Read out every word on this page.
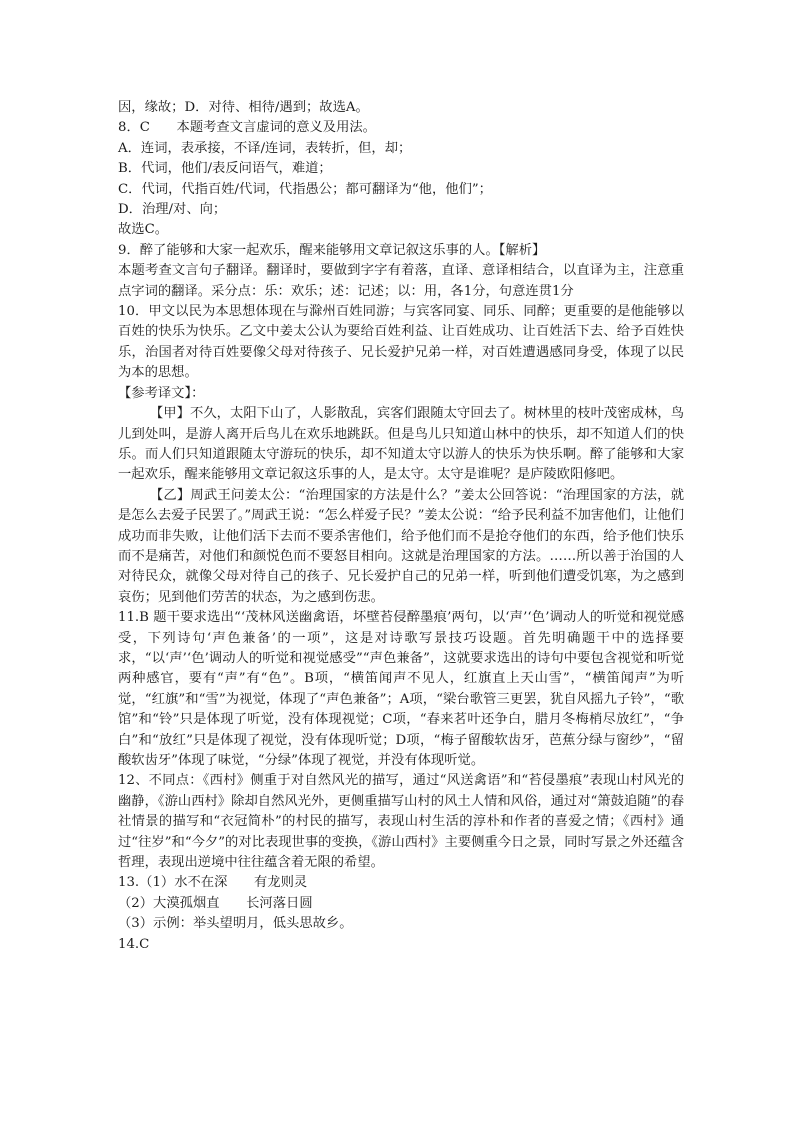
因，缘故；D．对待、相待/遇到；故选A。

8．C　　本题考查文言虚词的意义及用法。

A．连词，表承接，不译/连词，表转折，但，却；

B．代词，他们/表反问语气，难道；

C．代词，代指百姓/代词，代指愚公；都可翻译为“他，他们”；

D．治理/对、向；

故选C。

9．醉了能够和大家一起欢乐，醒来能够用文章记叙这乐事的人。【解析】

本题考查文言句子翻译。翻译时，要做到字字有着落，直译、意译相结合，以直译为主，注意重点字词的翻译。采分点：乐：欢乐；述：记述；以：用，各1分，句意连贯1分

10．甲文以民为本思想体现在与滁州百姓同游；与宾客同宴、同乐、同醉；更重要的是他能够以百姓的快乐为快乐。乙文中姜太公认为要给百姓利益、让百姓成功、让百姓活下去、给予百姓快乐，治国者对待百姓要像父母对待孩子、兄长爱护兄弟一样，对百姓遭遇感同身受，体现了以民为本的思想。

【参考译文】：

【甲】不久，太阳下山了，人影散乱，宾客们跟随太守回去了。树林里的枝叶茂密成林，鸟儿到处叫，是游人离开后鸟儿在欢乐地跳跃。但是鸟儿只知道山林中的快乐，却不知道人们的快乐。而人们只知道跟随太守游玩的快乐，却不知道太守以游人的快乐为快乐啊。醉了能够和大家一起欢乐，醒来能够用文章记叙这乐事的人，是太守。太守是谁呢？是庐陵欧阳修吧。

【乙】周武王问姜太公：“治理国家的方法是什么？”姜太公回答说：“治理国家的方法，就是怎么去爱子民罢了。”周武王说：“怎么样爱子民？”姜太公说：“给予民利益不加害他们，让他们成功而非失败，让他们活下去而不要杀害他们，给予他们而不是抢夺他们的东西，给予他们快乐而不是痛苦，对他们和颜悦色而不要怒目相向。这就是治理国家的方法。……所以善于治国的人对待民众，就像父母对待自己的孩子、兄长爱护自己的兄弟一样，听到他们遭受饥寒，为之感到哀伤；见到他们劳苦的状态，为之感到伤悲。

11.B 题干要求选出“‘茂林风送幽禽语，坏壁苔侵醉墨痕’两句，以‘声’‘色’调动人的听觉和视觉感受，下列诗句‘声色兼备’的一项”，这是对诗歌写景技巧设题。首先明确题干中的选择要求，“以‘声’‘色’调动人的听觉和视觉感受”“声色兼备”，这就要求选出的诗句中要包含视觉和听觉两种感官，要有“声”有“色”。B项，“横笛闻声不见人，红旗直上天山雪”，“横笛闻声”为听觉，“红旗”和“雪”为视觉，体现了“声色兼备”；A项，“梁台歌管三更罢，犹自风摇九子铃”，“歌馆”和“铃”只是体现了听觉，没有体现视觉；C项，“春来茗叶还争白，腊月冬梅梢尽放红”，“争白”和“放红”只是体现了视觉，没有体现听觉；D项，“梅子留酸软齿牙，芭蕉分绿与窗纱”，“留酸软齿牙”体现了味觉，“分绿”体现了视觉，并没有体现听觉。

12、不同点：《西村》侧重于对自然风光的描写，通过“风送禽语”和“苔侵墨痕”表现山村风光的幽静，《游山西村》除却自然风光外，更侧重描写山村的风土人情和风俗，通过对“箫鼓追随”的春社情景的描写和“衣冠简朴”的村民的描写，表现山村生活的淳朴和作者的喜爱之情；《西村》通过“往岁”和“今夕”的对比表现世事的变换，《游山西村》主要侧重今日之景，同时写景之外还蕴含哲理，表现出逆境中往往蕴含着无限的希望。

13.（1）水不在深　　有龙则灵

（2）大漠孤烟直　　长河落日圆

（3）示例：举头望明月，低头思故乡。

14.C
